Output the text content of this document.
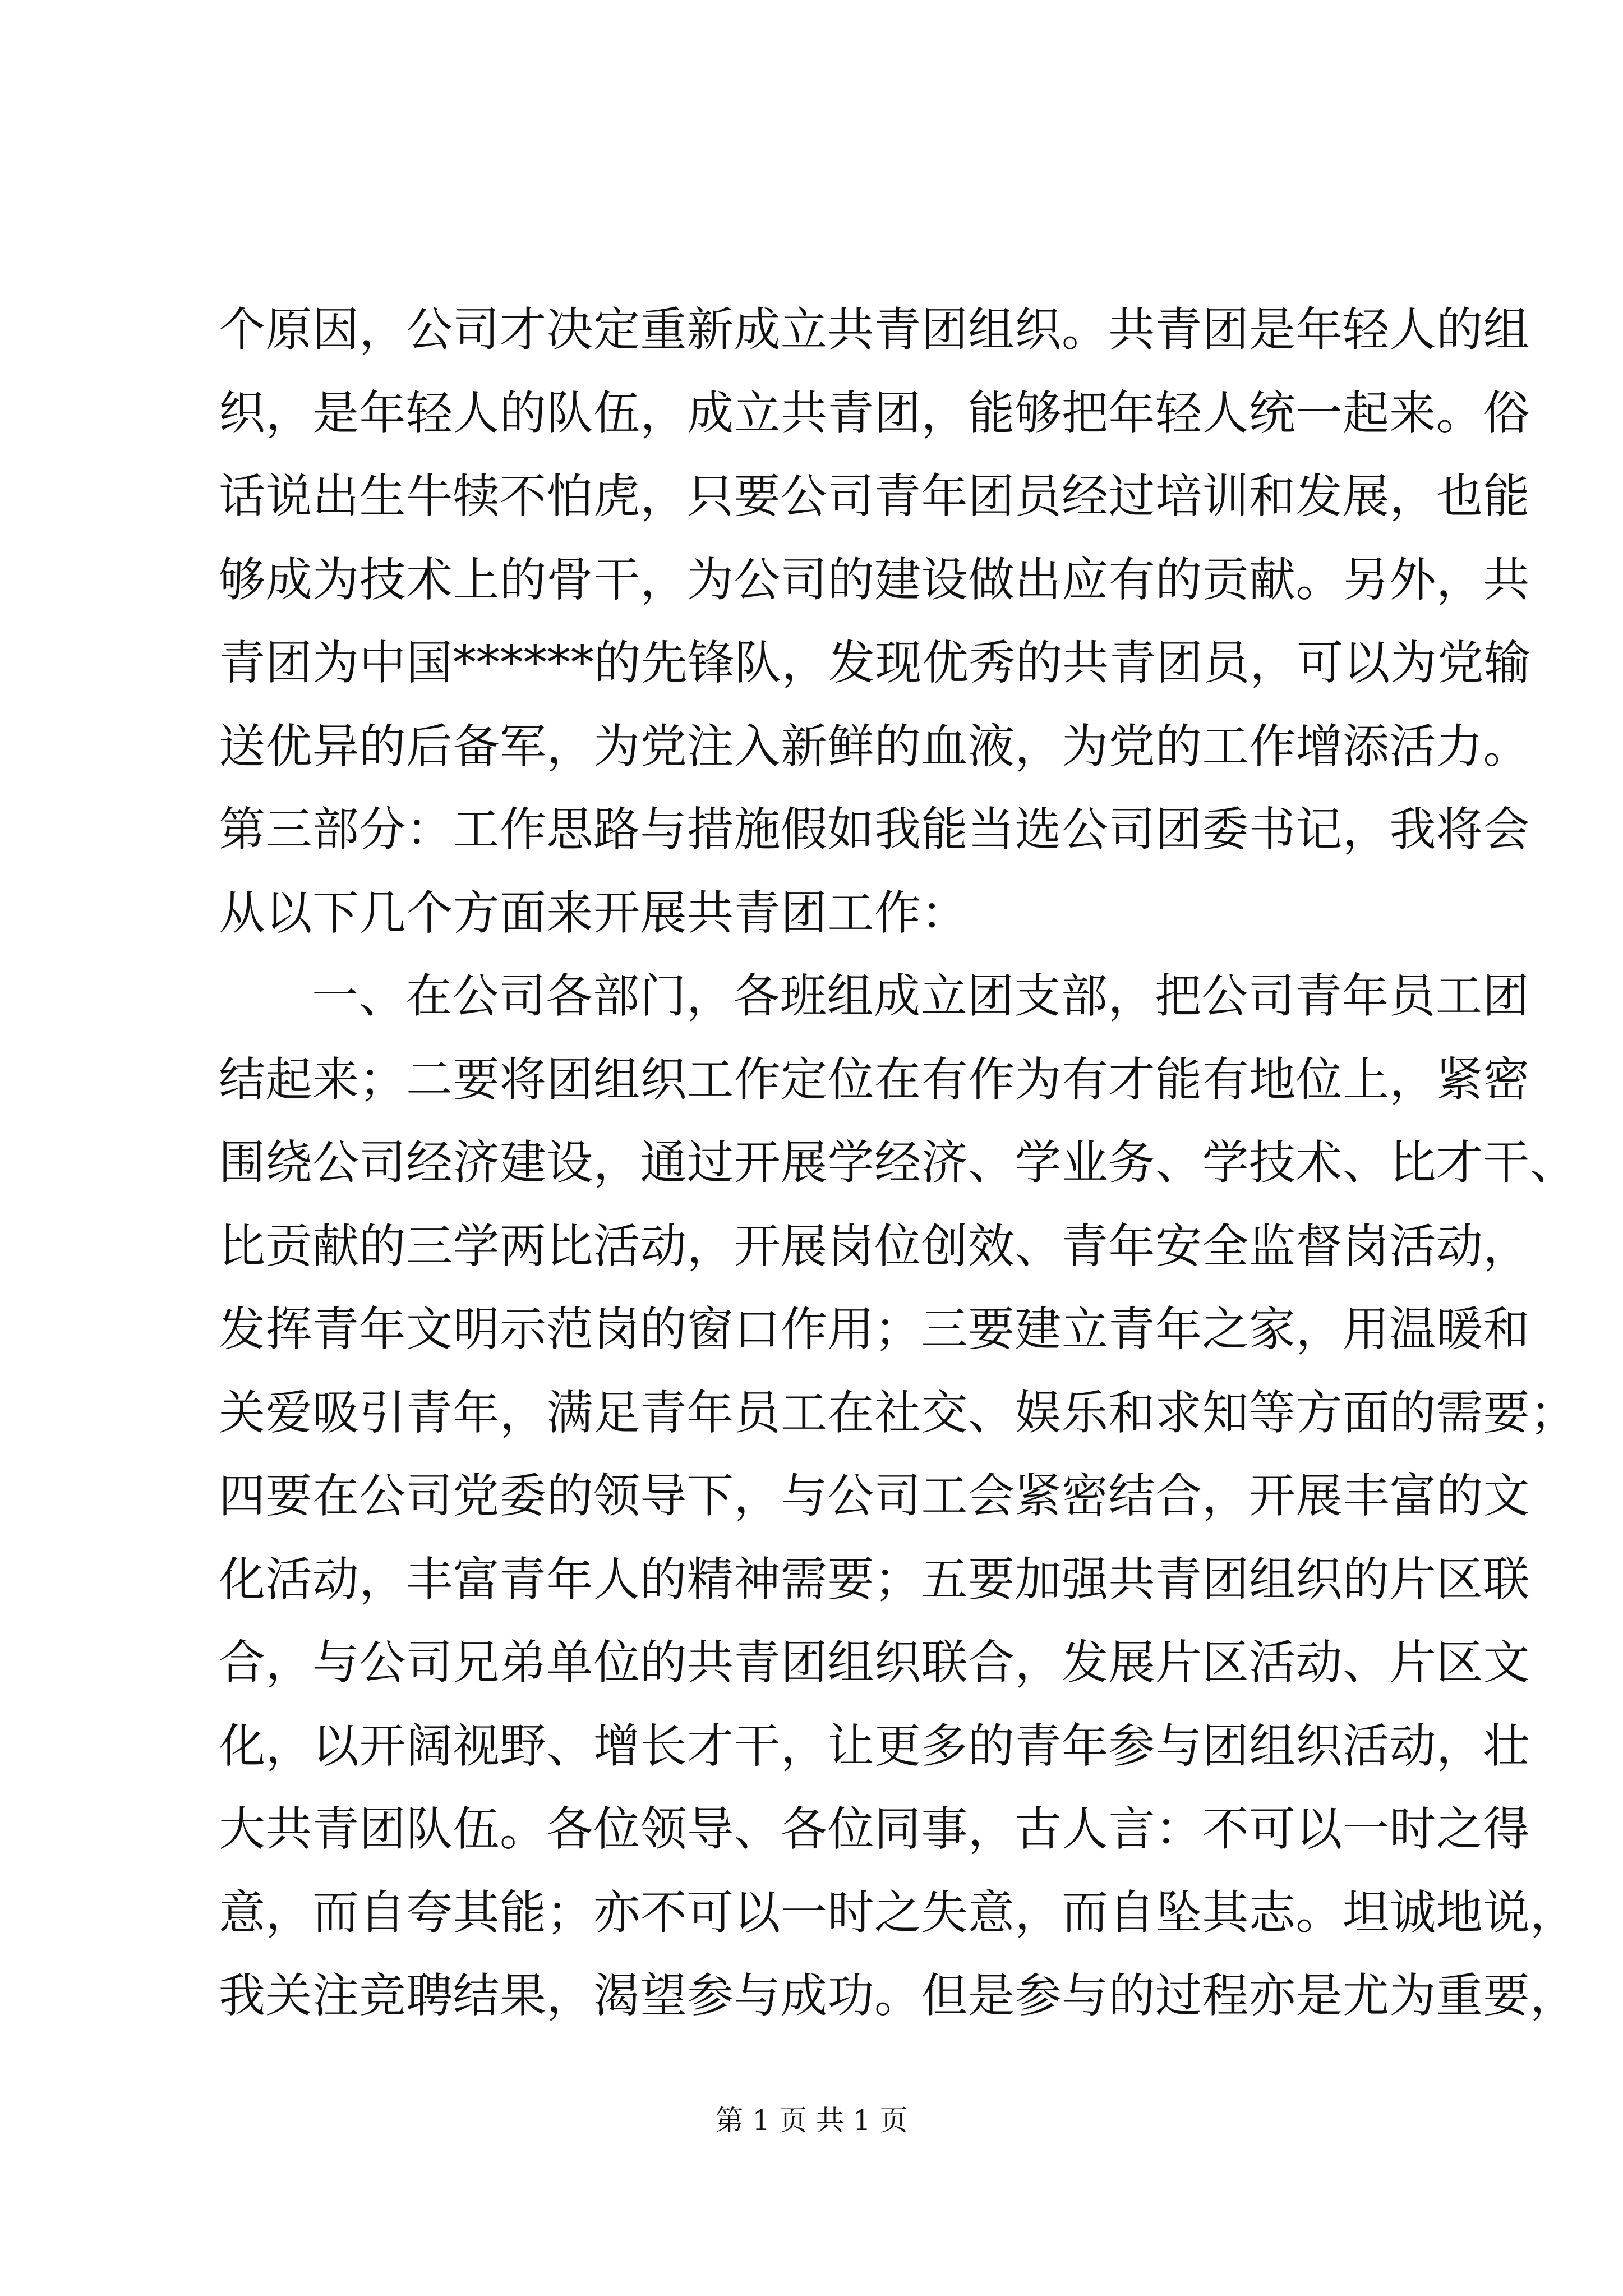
个原因，公司才决定重新成立共青团组织。共青团是年轻人的组
织，是年轻人的队伍，成立共青团，能够把年轻人统一起来。俗
话说出生牛犊不怕虎，只要公司青年团员经过培训和发展，也能
够成为技术上的骨干，为公司的建设做出应有的贡献。另外，共
青团为中国******的先锋队，发现优秀的共青团员，可以为党输
送优异的后备军，为党注入新鲜的血液，为党的工作增添活力。
第三部分：工作思路与措施假如我能当选公司团委书记，我将会
从以下几个方面来开展共青团工作：
一、在公司各部门，各班组成立团支部，把公司青年员工团
结起来；二要将团组织工作定位在有作为有才能有地位上，紧密
围绕公司经济建设，通过开展学经济、学业务、学技术、比才干、
比贡献的三学两比活动，开展岗位创效、青年安全监督岗活动，
发挥青年文明示范岗的窗口作用；三要建立青年之家，用温暖和
关爱吸引青年，满足青年员工在社交、娱乐和求知等方面的需要；
四要在公司党委的领导下，与公司工会紧密结合，开展丰富的文
化活动，丰富青年人的精神需要；五要加强共青团组织的片区联
合，与公司兄弟单位的共青团组织联合，发展片区活动、片区文
化，以开阔视野、增长才干，让更多的青年参与团组织活动，壮
大共青团队伍。各位领导、各位同事，古人言：不可以一时之得
意，而自夸其能；亦不可以一时之失意，而自坠其志。坦诚地说，
我关注竞聘结果，渴望参与成功。但是参与的过程亦是尤为重要，
第 1 页 共 1 页
